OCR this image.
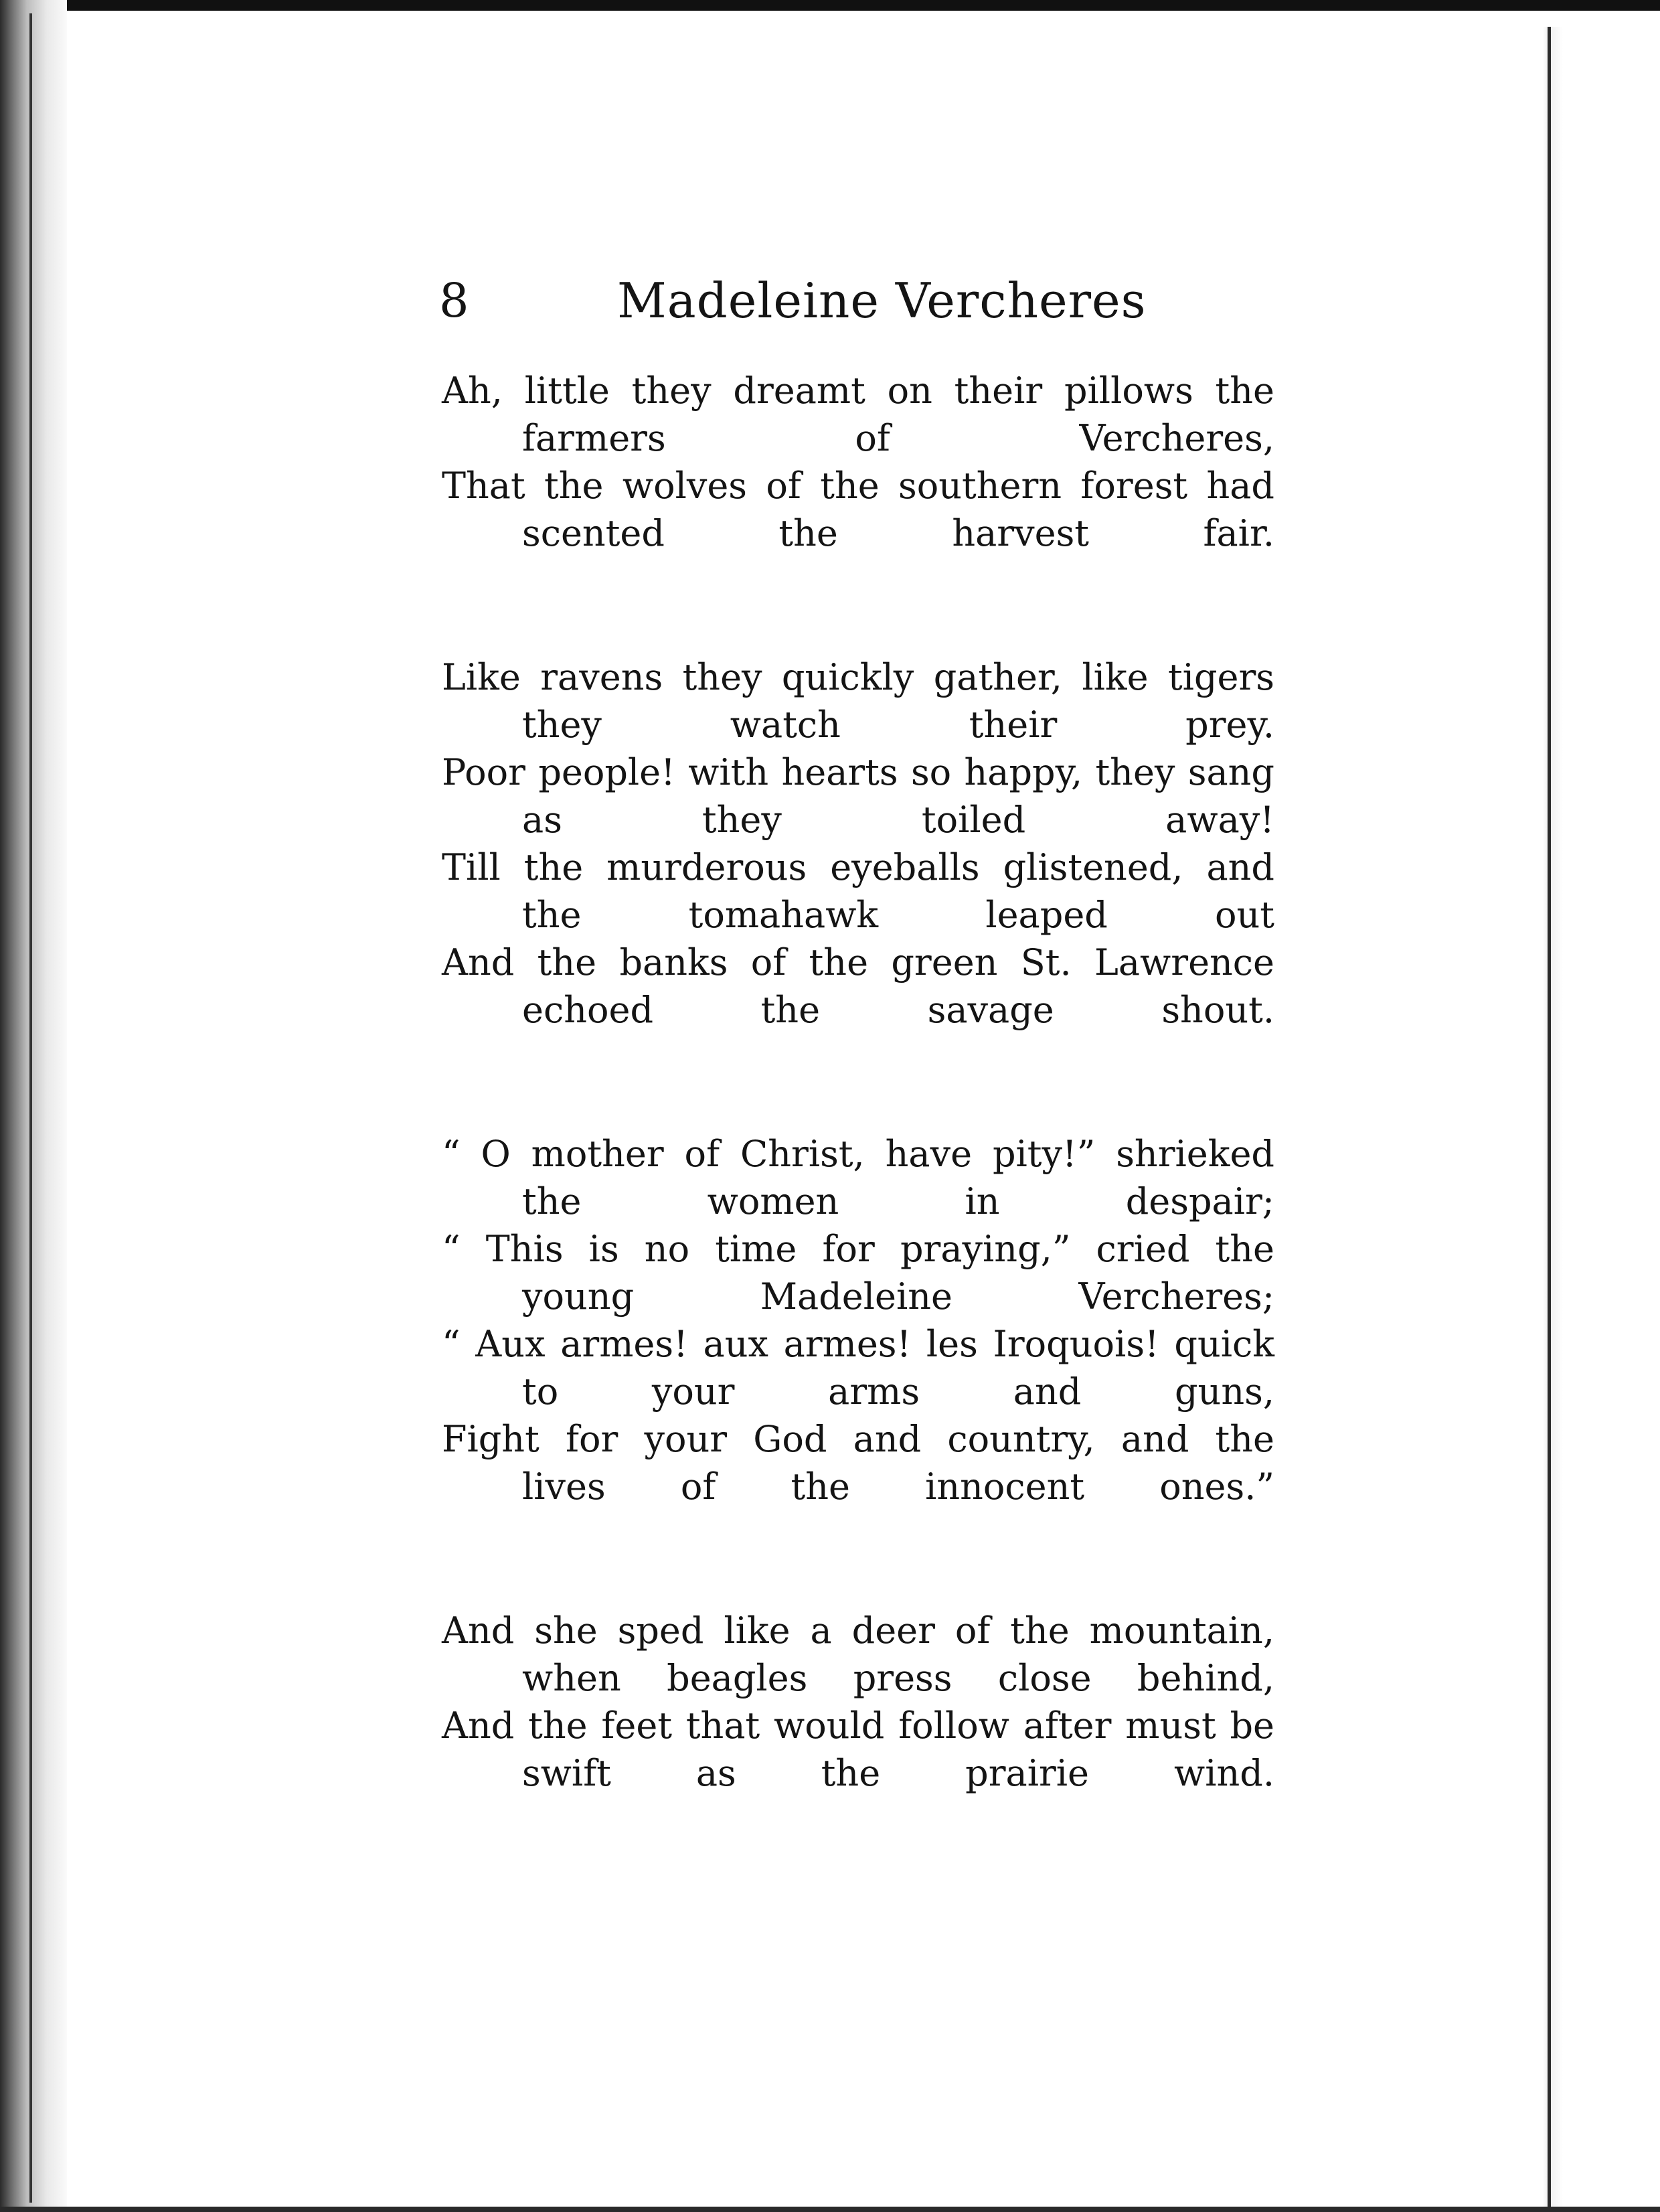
8	Madeleine Vercheres
Ah, little they dreamt on their pillows the farmers of Vercheres,
That the wolves of the southern forest had scented the harvest fair.
Like ravens they quickly gather, like tigers they watch their prey.
Poor people! with hearts so happy, they sang as they toiled away!
Till the murderous eyeballs glistened, and the	tomahawk leaped out
And the banks of the green St. Lawrence echoed the savage shout.
“ O mother of Christ, have pity!” shrieked the	women in despair;
“ This is no time for praying,” cried the young	Madeleine Vercheres;
“ Aux armes! aux armes! les Iroquois! quick to your arms and guns,
Fight for your God and country, and the lives of the innocent ones.”
And she sped like a deer of the mountain, when beagles press close behind,
And the feet that would follow after must be swift as the prairie wind.
